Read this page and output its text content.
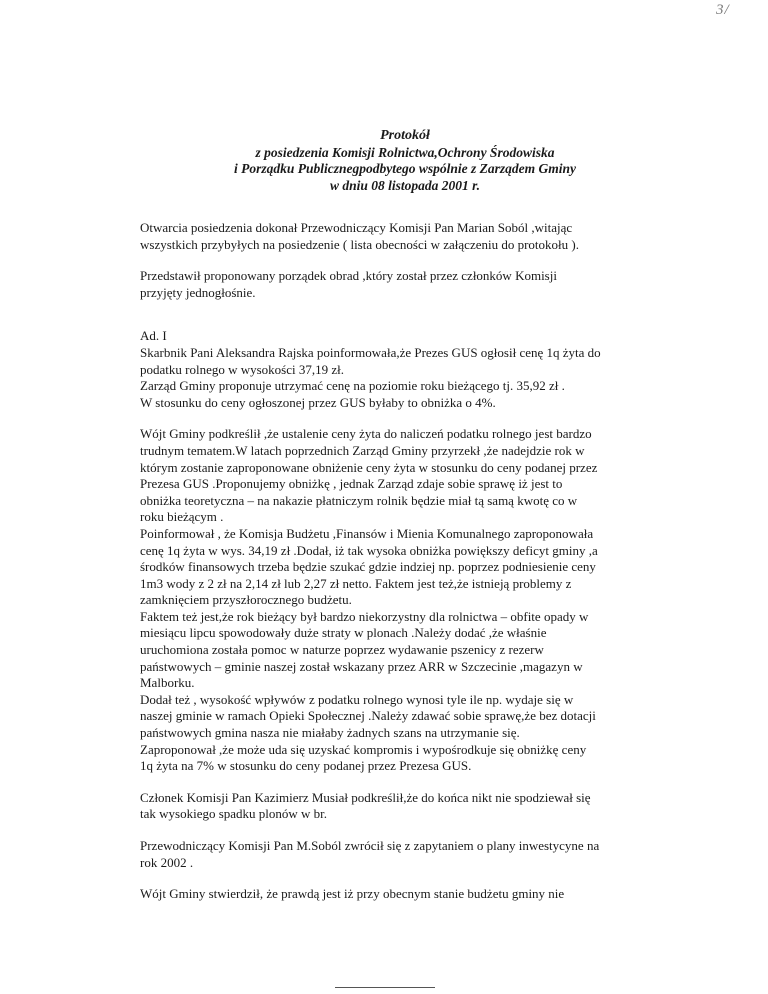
3/
Protokół
z posiedzenia Komisji Rolnictwa,Ochrony Środowiska
i Porządku Publicznegpodbytego wspólnie z Zarządem Gminy
w dniu 08 listopada 2001 r.

Otwarcia posiedzenia dokonał Przewodniczący Komisji Pan Marian Soból ,witając
wszystkich przybyłych na posiedzenie ( lista obecności w załączeniu do protokołu ).

Przedstawił proponowany porządek obrad ,który został przez członków Komisji
przyjęty jednogłośnie.

Ad. I
Skarbnik Pani Aleksandra Rajska poinformowała,że Prezes GUS ogłosił cenę 1q żyta do
podatku rolnego w wysokości 37,19 zł.
Zarząd Gminy proponuje utrzymać cenę na poziomie roku bieżącego tj. 35,92 zł .
W stosunku do ceny ogłoszonej przez GUS byłaby to obniżka o 4%.

Wójt Gminy podkreślił ,że ustalenie ceny żyta do naliczeń podatku rolnego jest bardzo
trudnym tematem.W latach poprzednich Zarząd Gminy przyrzekł ,że nadejdzie rok w
którym zostanie zaproponowane obniżenie ceny żyta w stosunku do ceny podanej przez
Prezesa GUS .Proponujemy obniżkę , jednak Zarząd zdaje sobie sprawę iż jest to
obniżka teoretyczna – na nakazie płatniczym rolnik będzie miał tą samą kwotę co w
roku bieżącym .
Poinformował , że Komisja Budżetu ,Finansów i Mienia Komunalnego zaproponowała
cenę 1q żyta w wys. 34,19 zł .Dodał, iż tak wysoka obniżka powiększy deficyt gminy ,a
środków finansowych trzeba będzie szukać gdzie indziej np. poprzez podniesienie ceny
1m3 wody z 2 zł na 2,14 zł lub 2,27 zł netto. Faktem jest też,że istnieją problemy z
zamknięciem przyszłorocznego budżetu.
Faktem też jest,że rok bieżący był bardzo niekorzystny dla rolnictwa – obfite opady w
miesiącu lipcu spowodowały duże straty w plonach .Należy dodać ,że właśnie
uruchomiona została pomoc w naturze poprzez wydawanie pszenicy z rezerw
państwowych – gminie naszej został wskazany przez ARR w Szczecinie ,magazyn w
Malborku.
Dodał też , wysokość wpływów z podatku rolnego wynosi tyle ile np. wydaje się w
naszej gminie w ramach Opieki Społecznej .Należy zdawać sobie sprawę,że bez dotacji
państwowych gmina nasza nie miałaby żadnych szans na utrzymanie się.
Zaproponował ,że może uda się uzyskać kompromis i wypośrodkuje się obniżkę ceny
1q żyta na 7% w stosunku do ceny podanej przez Prezesa GUS.

Członek Komisji Pan Kazimierz Musiał podkreślił,że do końca nikt nie spodziewał się
tak wysokiego spadku plonów w br.

Przewodniczący Komisji Pan M.Soból zwrócił się z zapytaniem o plany inwestycyne na
rok 2002 .

Wójt Gminy stwierdził, że prawdą jest iż przy obecnym stanie budżetu gminy nie
